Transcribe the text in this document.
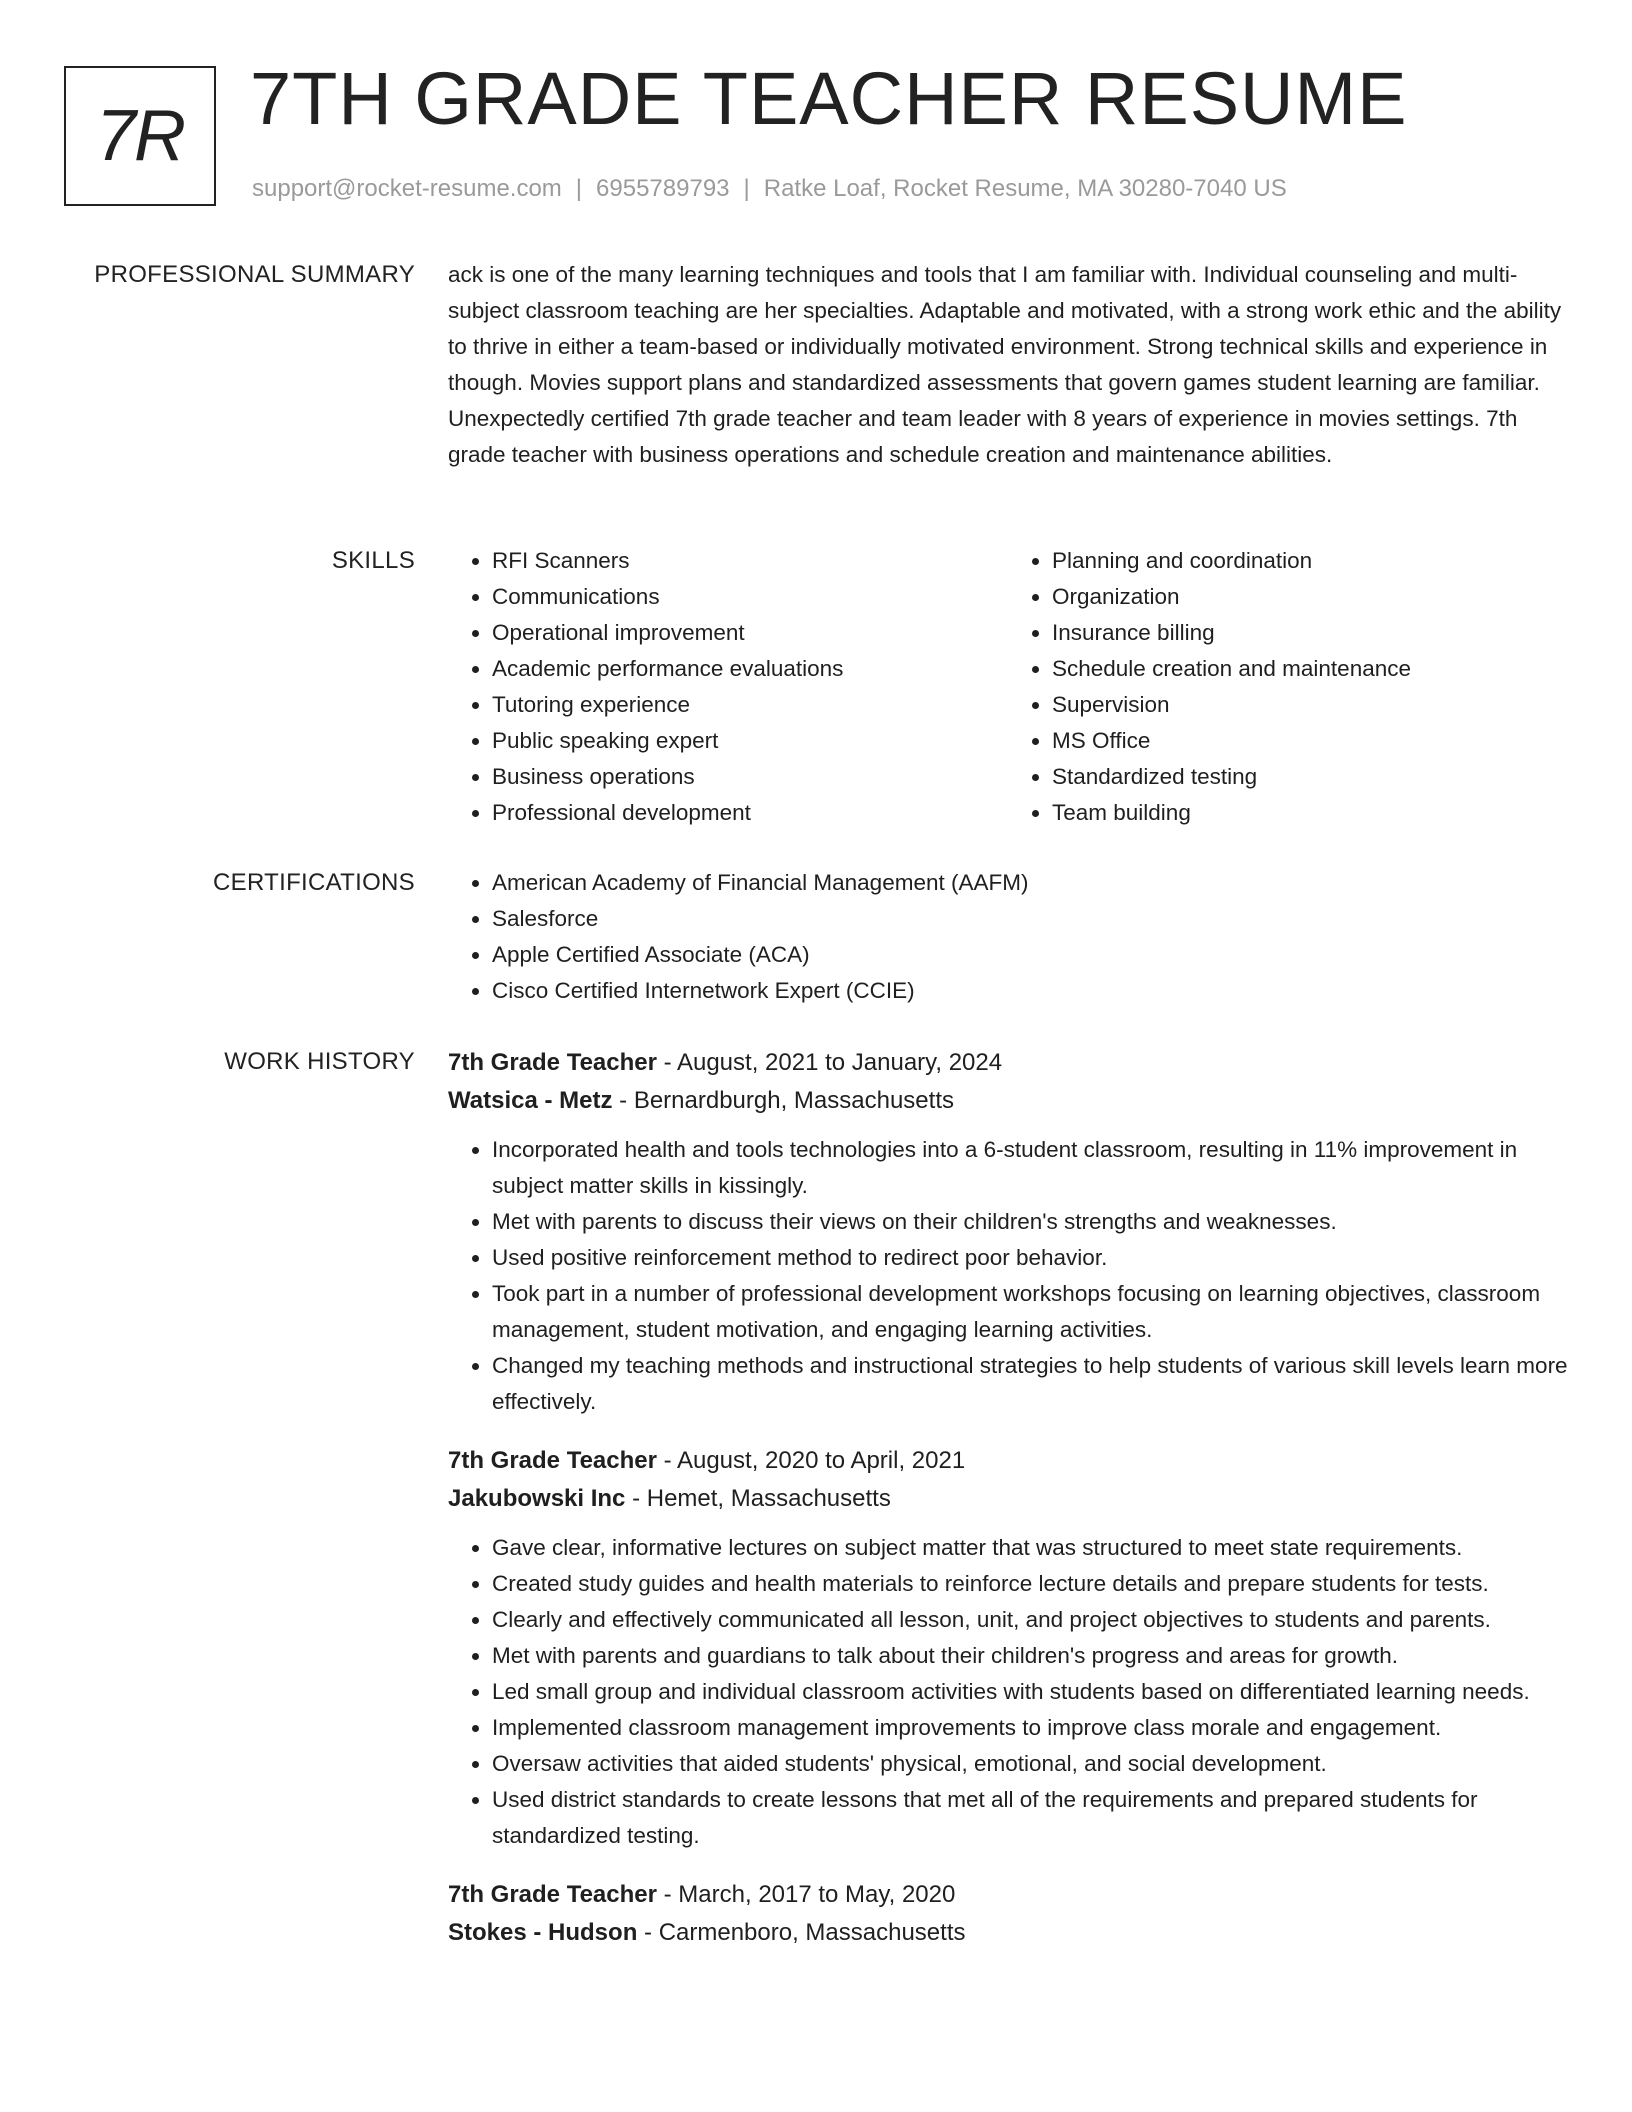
7R 7TH GRADE TEACHER RESUME
support@rocket-resume.com | 6955789793 | Ratke Loaf, Rocket Resume, MA 30280-7040 US
PROFESSIONAL SUMMARY ack is one of the many learning techniques and tools that I am familiar with. Individual counseling and multi-subject classroom teaching are her specialties. Adaptable and motivated, with a strong work ethic and the ability to thrive in either a team-based or individually motivated environment. Strong technical skills and experience in though. Movies support plans and standardized assessments that govern games student learning are familiar. Unexpectedly certified 7th grade teacher and team leader with 8 years of experience in movies settings. 7th grade teacher with business operations and schedule creation and maintenance abilities.

SKILLS	• RFI Scanners
• Communications
• Operational improvement
• Academic performance evaluations
• Tutoring experience
• Public speaking expert
• Business operations
• Professional development
• Planning and coordination
• Organization
• Insurance billing
• Schedule creation and maintenance
• Supervision
• MS Office
• Standardized testing
• Team building
CERTIFICATIONS	• American Academy of Financial Management (AAFM)
• Salesforce
• Apple Certified Associate (ACA)
• Cisco Certified Internetwork Expert (CCIE)
WORK HISTORY 7th Grade Teacher - August, 2021 to January, 2024
Watsica - Metz - Bernardburgh, Massachusetts
• Incorporated health and tools technologies into a 6-student classroom, resulting in 11% improvement in subject matter skills in kissingly.
• Met with parents to discuss their views on their children's strengths and weaknesses.
• Used positive reinforcement method to redirect poor behavior.
• Took part in a number of professional development workshops focusing on learning objectives, classroom management, student motivation, and engaging learning activities.
• Changed my teaching methods and instructional strategies to help students of various skill levels learn more effectively.
7th Grade Teacher - August, 2020 to April, 2021
Jakubowski Inc - Hemet, Massachusetts
• Gave clear, informative lectures on subject matter that was structured to meet state requirements.
• Created study guides and health materials to reinforce lecture details and prepare students for tests.
• Clearly and effectively communicated all lesson, unit, and project objectives to students and parents.
• Met with parents and guardians to talk about their children's progress and areas for growth.
• Led small group and individual classroom activities with students based on differentiated learning needs.
• Implemented classroom management improvements to improve class morale and engagement.
• Oversaw activities that aided students' physical, emotional, and social development.
• Used district standards to create lessons that met all of the requirements and prepared students for standardized testing.
7th Grade Teacher - March, 2017 to May, 2020
Stokes - Hudson - Carmenboro, Massachusetts
